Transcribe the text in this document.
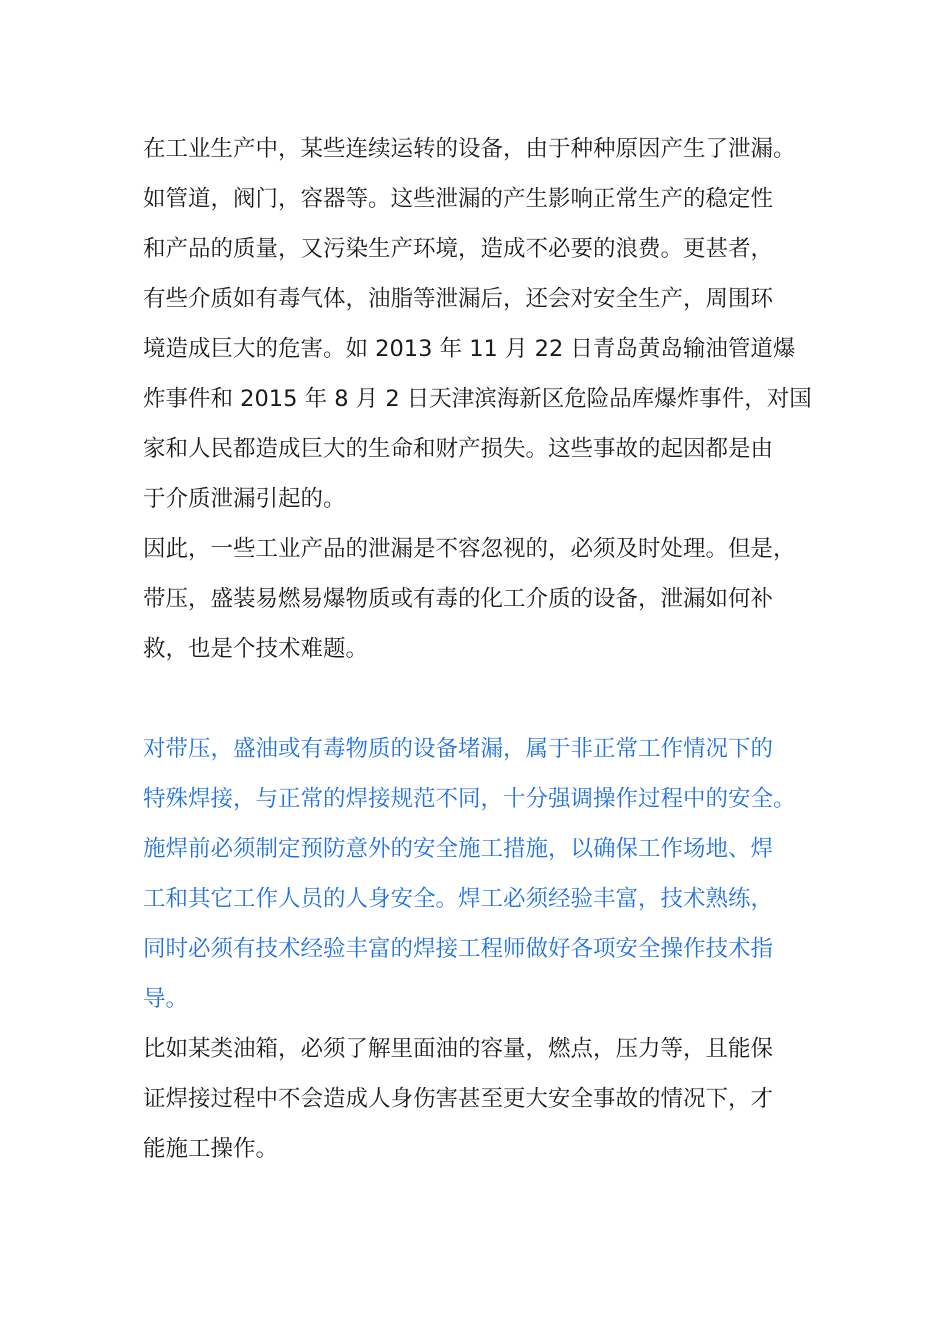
在工业生产中，某些连续运转的设备，由于种种原因产生了泄漏。
如管道，阀门，容器等。这些泄漏的产生影响正常生产的稳定性
和产品的质量，又污染生产环境，造成不必要的浪费。更甚者，
有些介质如有毒气体，油脂等泄漏后，还会对安全生产，周围环
境造成巨大的危害。如 2013 年 11 月 22 日青岛黄岛输油管道爆
炸事件和 2015 年 8 月 2 日天津滨海新区危险品库爆炸事件，对国
家和人民都造成巨大的生命和财产损失。这些事故的起因都是由
于介质泄漏引起的。
因此，一些工业产品的泄漏是不容忽视的，必须及时处理。但是，
带压，盛装易燃易爆物质或有毒的化工介质的设备，泄漏如何补
救，也是个技术难题。
对带压，盛油或有毒物质的设备堵漏，属于非正常工作情况下的
特殊焊接，与正常的焊接规范不同，十分强调操作过程中的安全。
施焊前必须制定预防意外的安全施工措施，以确保工作场地、焊
工和其它工作人员的人身安全。焊工必须经验丰富，技术熟练，
同时必须有技术经验丰富的焊接工程师做好各项安全操作技术指
导。
比如某类油箱，必须了解里面油的容量，燃点，压力等，且能保
证焊接过程中不会造成人身伤害甚至更大安全事故的情况下，才
能施工操作。
